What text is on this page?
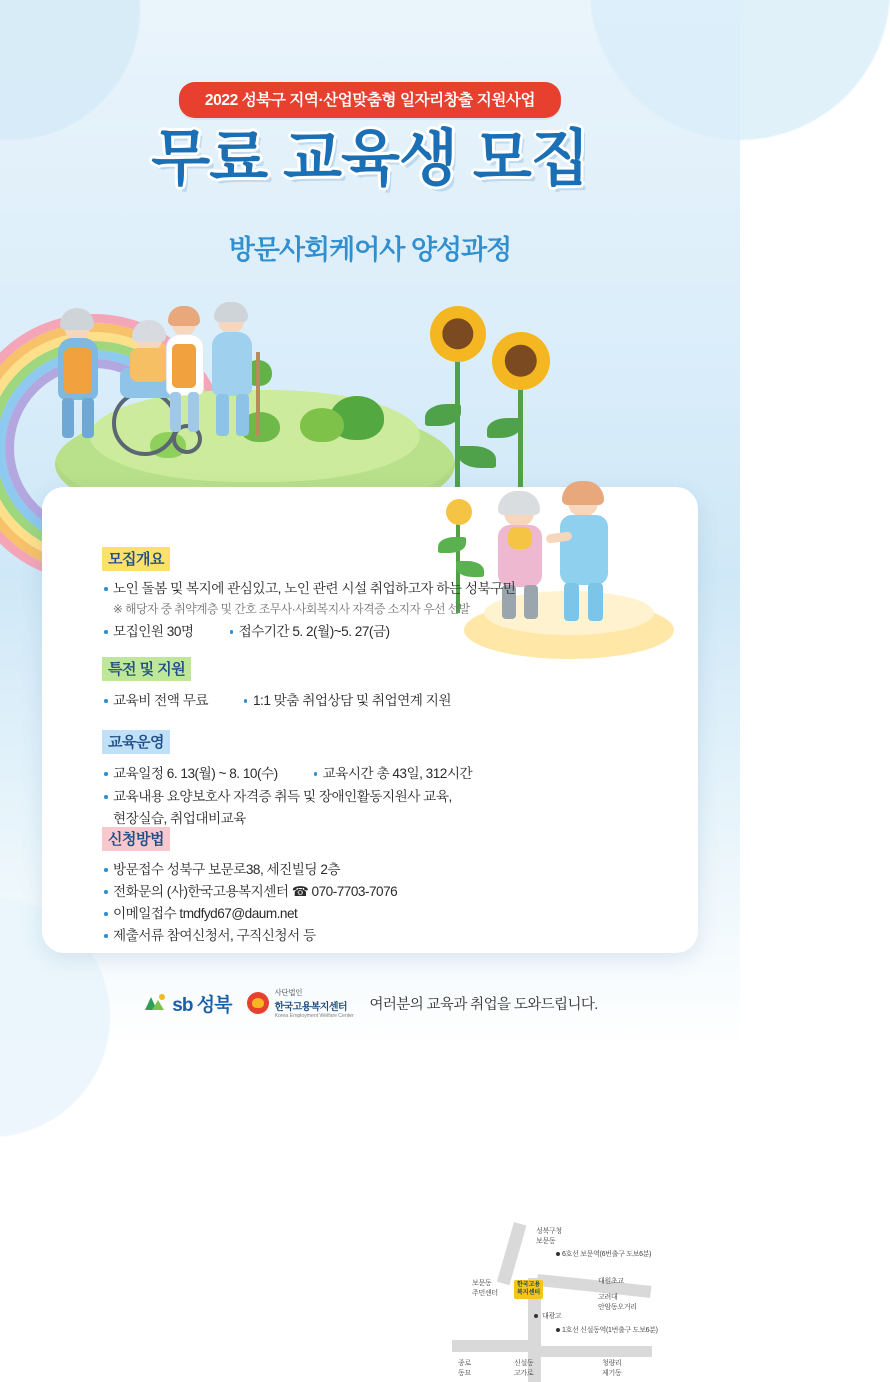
2022 성북구 지역·산업맞춤형 일자리창출 지원사업
무료 교육생 모집
방문사회케어사 양성과정
모집개요
노인 돌봄 및 복지에 관심있고, 노인 관련 시설 취업하고자 하는 성북구민
※ 해당자 중 취약계층 및 간호 조무사·사회복지사 자격증 소지자 우선 선발
모집인원 30명	접수기간 5. 2(월)~5. 27(금)
특전 및 지원
교육비 전액 무료	1:1 맞춤 취업상담 및 취업연계 지원
교육운영
교육일정 6. 13(월) ~ 8. 10(수)	교육시간 총 43일, 312시간
교육내용 요양보호사 자격증 취득 및 장애인활동지원사 교육,
현장실습, 취업대비교육
신청방법
방문접수 성북구 보문로38, 세진빌딩 2층
전화문의 (사)한국고용복지센터 ☎ 070-7703-7076
이메일접수 tmdfyd67@daum.net
제출서류 참여신청서, 구직신청서 등
성북구청
보문동
6호선 보문역(6번출구 도보6분)
보문동
주민센터
대원초교
고려대
안암동오거리
한국고용
복지센터
대광고
1호선 신설동역(1번출구 도보6분)
종로
동묘
신설동
고가로
청량리
제기동
sb 성북
사단법인
한국고용복지센터
Korea Employment Welfare Center
여러분의 교육과 취업을 도와드립니다.
